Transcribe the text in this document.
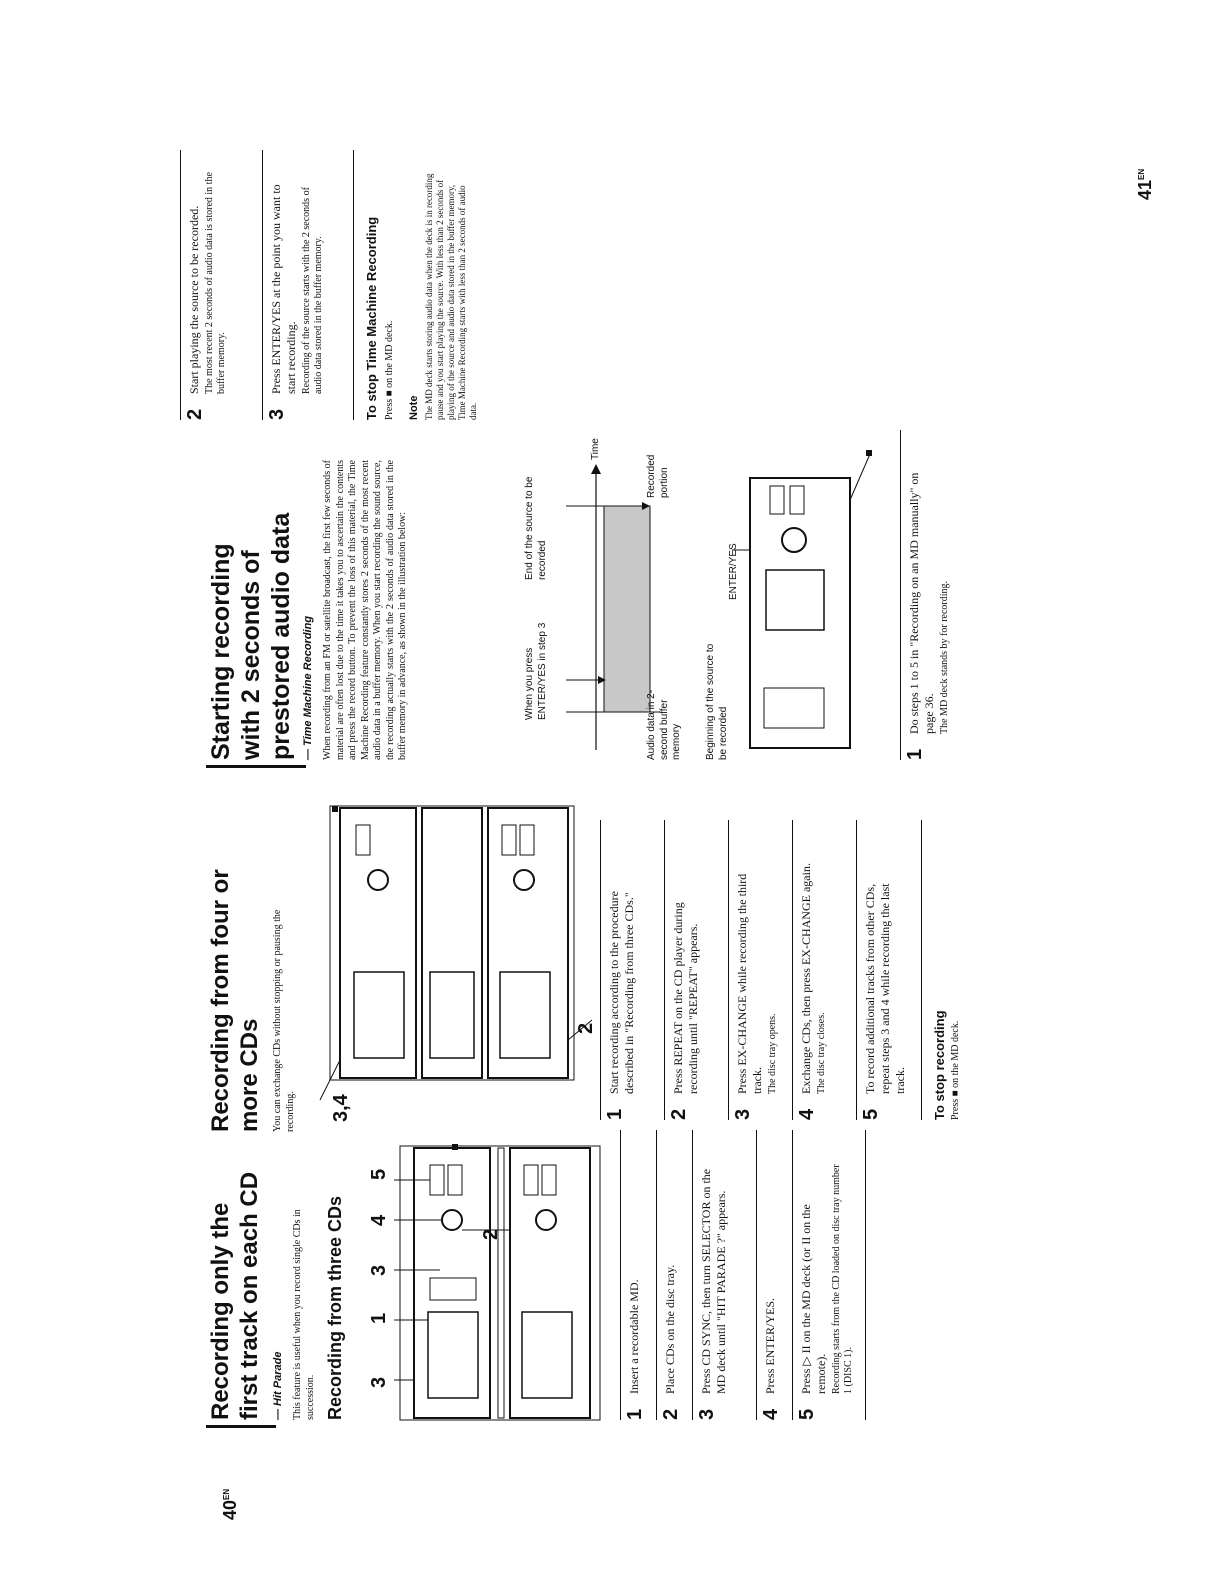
$40^{EN}$
$41^{EN}$
Recording only the
first track on each CD — Hit Parade This feature is useful when you record single CDs in succession. Recording from three CDs 3
1
3
4
5
2
1
Insert a recordable MD.
2
Place CDs on the disc tray.
3
Press CD SYNC, then turn SELECTOR on the MD deck until "HIT PARADE ?" appears.
4
Press ENTER/YES.
5
Press ▷ II on the MD deck (or II on the remote). Recording starts from the CD loaded on disc tray number 1 (DISC 1).
Recording from four or
more CDs You can exchange CDs without stopping or pausing the recording. 3,4
2
1
Start recording according to the procedure described in "Recording from three CDs."
2
Press REPEAT on the CD player during recording until "REPEAT" appears.
3
Press EX-CHANGE while recording the third track. The disc tray opens.
4
Exchange CDs, then press EX-CHANGE again. The disc tray closes.
5
To record additional tracks from other CDs, repeat steps 3 and 4 while recording the last track. To stop recording Press ■ on the MD deck.
Starting recording
with 2 seconds of
prestored audio data — Time Machine Recording When recording from an FM or satellite broadcast, the first few seconds of material are often lost due to the time it takes you to ascertain the contents and press the record button. To prevent the loss of this material, the Time Machine Recording feature constantly stores 2 seconds of the most recent audio data in a buffer memory. When you start recording the sound source, the recording actually starts with the 2 seconds of audio data stored in the buffer memory in advance, as shown in the illustration below:	When you press ENTER/YES in step 3
End of the source to be recorded
Time
Audio data in 2-second buffer memory
Recorded portion
Beginning of the source to be recorded
ENTER/YES
1
Do steps 1 to 5 in "Recording on an MD manually" on page 36. The MD deck stands by for recording.
2
Start playing the source to be recorded. The most recent 2 seconds of audio data is stored in the buffer memory.
3
Press ENTER/YES at the point you want to start recording. Recording of the source starts with the 2 seconds of audio data stored in the buffer memory.	To stop Time Machine Recording Press ■ on the MD deck. Note The MD deck starts storing audio data when the deck is in recording pause and you start playing the source. With less than 2 seconds of playing of the source and audio data stored in the buffer memory, Time Machine Recording starts with less than 2 seconds of audio data.
